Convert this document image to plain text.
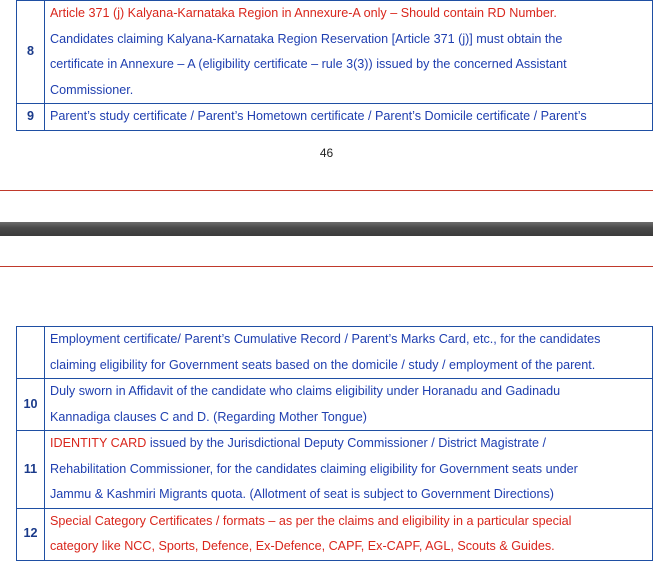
8	Article 371 (j) Kalyana-Karnataka Region in Annexure-A only – Should contain RD Number.
Candidates claiming Kalyana-Karnataka Region Reservation [Article 371 (j)] must obtain the
certificate in Annexure – A (eligibility certificate – rule 3(3)) issued by the concerned Assistant
Commissioner.

9	Parent’s study certificate / Parent’s Hometown certificate / Parent’s Domicile certificate / Parent’s
46

	Employment certificate/ Parent’s Cumulative Record / Parent’s Marks Card, etc., for the candidates
claiming eligibility for Government seats based on the domicile / study / employment of the parent.

10	Duly sworn in Affidavit of the candidate who claims eligibility under Horanadu and Gadinadu
Kannadiga clauses C and D. (Regarding Mother Tongue)

11	IDENTITY CARD issued by the Jurisdictional Deputy Commissioner / District Magistrate /
Rehabilitation Commissioner, for the candidates claiming eligibility for Government seats under
Jammu & Kashmiri Migrants quota. (Allotment of seat is subject to Government Directions)

12	Special Category Certificates / formats – as per the claims and eligibility in a particular special
category like NCC, Sports, Defence, Ex-Defence, CAPF, Ex-CAPF, AGL, Scouts & Guides.
